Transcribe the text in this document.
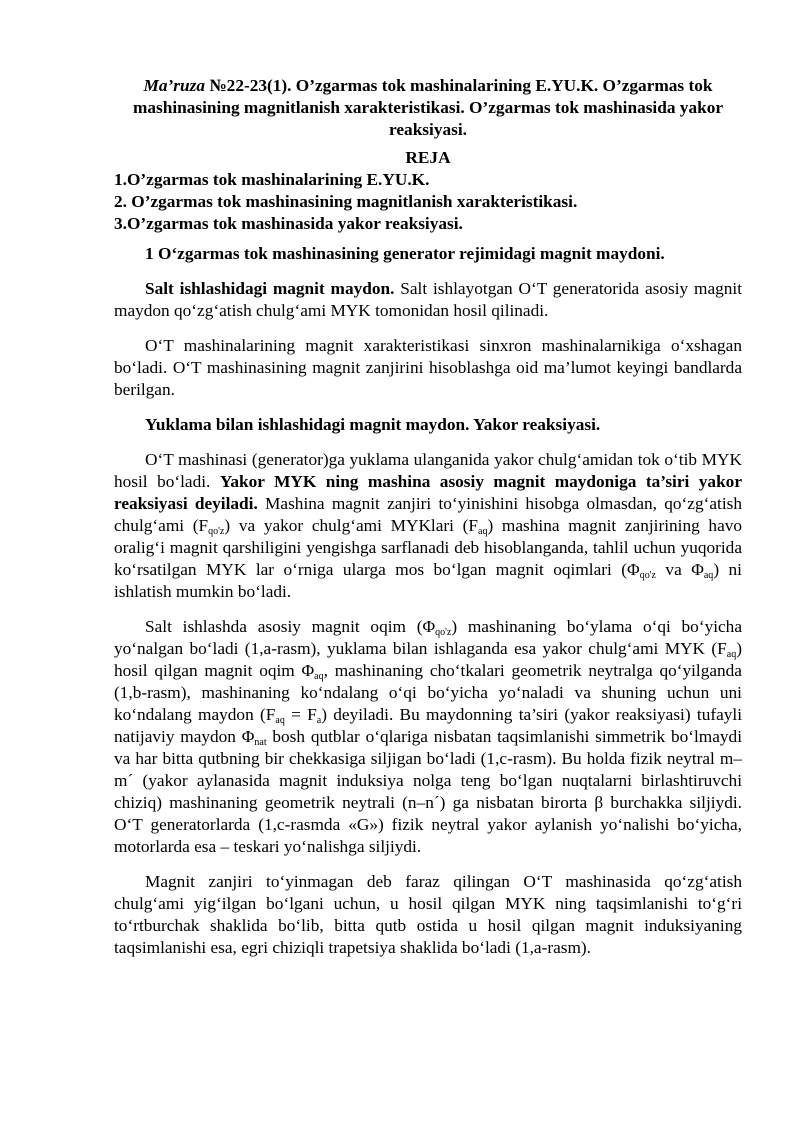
Ma’ruza №22-23(1). O’zgarmas tok mashinalarining E.YU.K. O’zgarmas tok mashinasining magnitlanish xarakteristikasi. O’zgarmas tok mashinasida yakor reaksiyasi.

REJA

1.O’zgarmas tok mashinalarining E.YU.K.

2. O’zgarmas tok mashinasining magnitlanish xarakteristikasi.

3.O’zgarmas tok mashinasida yakor reaksiyasi.

1 O‘zgarmas tok mashinasining generator rejimidagi magnit maydoni.

Salt ishlashidagi magnit maydon. Salt ishlayotgan O‘T generatorida asosiy magnit maydon qo‘zg‘atish chulg‘ami MYK tomonidan hosil qilinadi.

O‘T mashinalarining magnit xarakteristikasi sinxron mashinalarnikiga o‘xshagan bo‘ladi. O‘T mashinasining magnit zanjirini hisoblashga oid ma’lumot keyingi bandlarda berilgan.

Yuklama bilan ishlashidagi magnit maydon. Yakor reaksiyasi.

O‘T mashinasi (generator)ga yuklama ulanganida yakor chulg‘amidan tok o‘tib MYK hosil bo‘ladi. Yakor MYK ning mashina asosiy magnit maydoniga ta’siri yakor reaksiyasi deyiladi. Mashina magnit zanjiri to‘yinishini hisobga olmasdan, qo‘zg‘atish chulg‘ami $(F_{qo'z})$ va yakor chulg‘ami MYKlari $(F_{aq})$ mashina magnit zanjirining havo oralig‘i magnit qarshiligini yengishga sarflanadi deb hisoblanganda, tahlil uchun yuqorida ko‘rsatilgan MYK lar o‘rniga ularga mos bo‘lgan magnit oqimlari ($\Phi_{qo'z}$ va $\Phi_{aq}$) ni ishlatish mumkin bo‘ladi.

Salt ishlashda asosiy magnit oqim $(\Phi_{qo'z})$ mashinaning bo‘ylama o‘qi bo‘yicha yo‘nalgan bo‘ladi (1,a-rasm), yuklama bilan ishlaganda esa yakor chulg‘ami MYK $(F_{aq})$ hosil qilgan magnit oqim $\Phi_{aq}$, mashinaning cho‘tkalari geometrik neytralga qo‘yilganda (1,b-rasm), mashinaning ko‘ndalang o‘qi bo‘yicha yo‘naladi va shuning uchun uni ko‘ndalang maydon $(F_{aq} = F_a)$ deyiladi. Bu maydonning ta’siri (yakor reaksiyasi) tufayli natijaviy maydon $\Phi_{nat}$ bosh qutblar o‘qlariga nisbatan taqsimlanishi simmetrik bo‘lmaydi va har bitta qutbning bir chekkasiga siljigan bo‘ladi (1,c-rasm). Bu holda fizik neytral m–m´ (yakor aylanasida magnit induksiya nolga teng bo‘lgan nuqtalarni birlashtiruvchi chiziq) mashinaning geometrik neytrali (n–n´) ga nisbatan birorta β burchakka siljiydi. O‘T generatorlarda (1,c-rasmda «G») fizik neytral yakor aylanish yo‘nalishi bo‘yicha, motorlarda esa – teskari yo‘nalishga siljiydi.

Magnit zanjiri to‘yinmagan deb faraz qilingan O‘T mashinasida qo‘zg‘atish chulg‘ami yig‘ilgan bo‘lgani uchun, u hosil qilgan MYK ning taqsimlanishi to‘g‘ri to‘rtburchak shaklida bo‘lib, bitta qutb ostida u hosil qilgan magnit induksiyaning taqsimlanishi esa, egri chiziqli trapetsiya shaklida bo‘ladi (1,a-rasm).
